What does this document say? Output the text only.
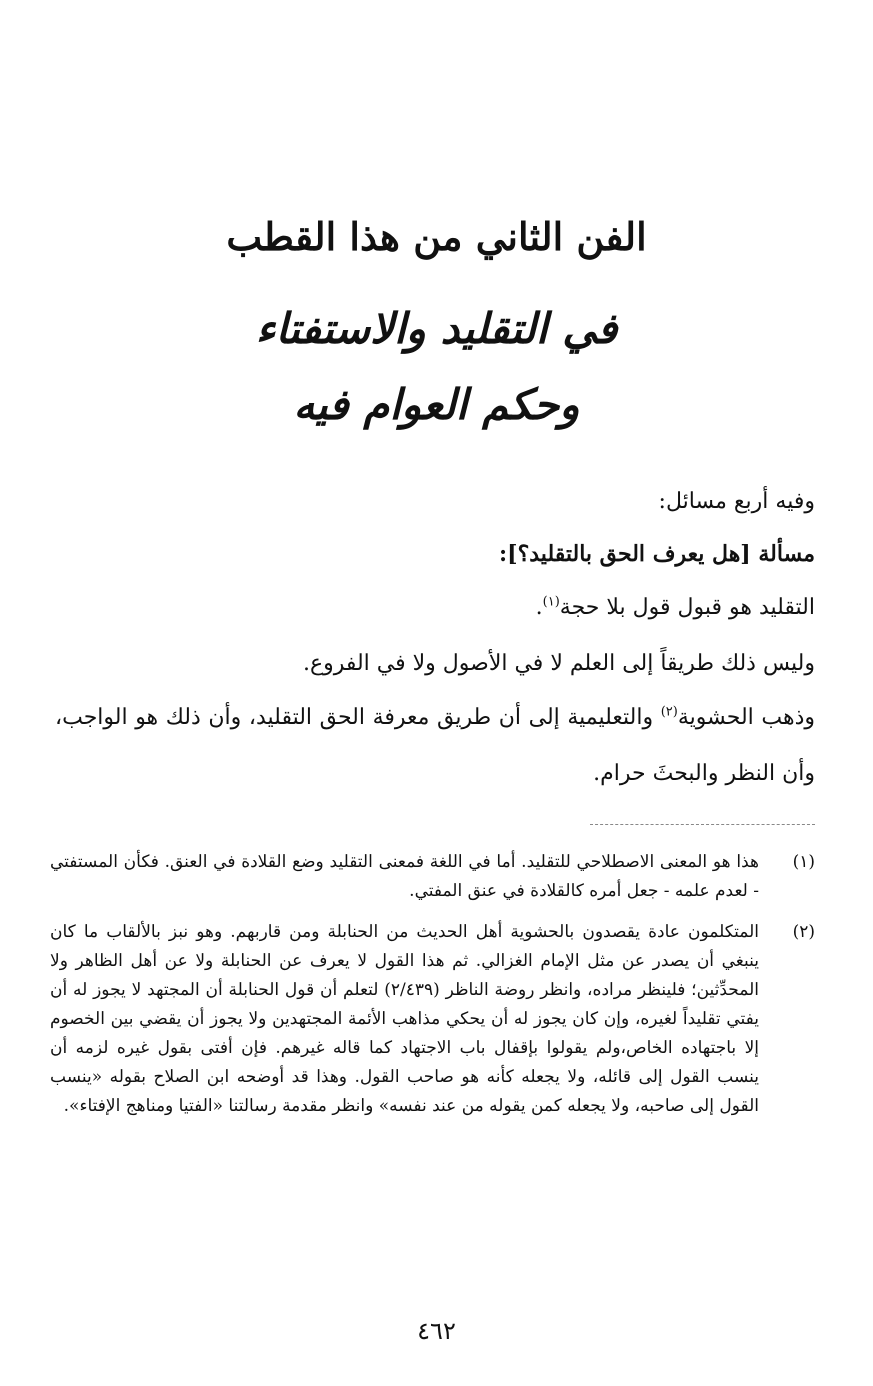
الفن الثاني من هذا القطب
في التقليد والاستفتاء
وحكم العوام فيه
وفيه أربع مسائل:
مسألة [هل يعرف الحق بالتقليد؟]:
التقليد هو قبول قول بلا حجة$^{(١)}$.
وليس ذلك طريقاً إلى العلم لا في الأصول ولا في الفروع.
وذهب الحشوية$^{(٢)}$ والتعليمية إلى أن طريق معرفة الحق التقليد، وأن ذلك هو الواجب، وأن النظر والبحثَ حرام.
(١)
هذا هو المعنى الاصطلاحي للتقليد. أما في اللغة فمعنى التقليد وضع القلادة في العنق. فكأن المستفتي - لعدم علمه - جعل أمره كالقلادة في عنق المفتي.
(٢)
المتكلمون عادة يقصدون بالحشوية أهل الحديث من الحنابلة ومن قاربهم. وهو نبز بالألقاب ما كان ينبغي أن يصدر عن مثل الإمام الغزالي. ثم هذا القول لا يعرف عن الحنابلة ولا عن أهل الظاهر ولا المحدِّثين؛ فلينظر مراده، وانظر روضة الناظر (٢/٤٣٩) لتعلم أن قول الحنابلة أن المجتهد لا يجوز له أن يفتي تقليداً لغيره، وإن كان يجوز له أن يحكي مذاهب الأئمة المجتهدين ولا يجوز أن يقضي بين الخصوم إلا باجتهاده الخاص،ولم يقولوا بإقفال باب الاجتهاد كما قاله غيرهم. فإن أفتى بقول غيره لزمه أن ينسب القول إلى قائله، ولا يجعله كأنه هو صاحب القول. وهذا قد أوضحه ابن الصلاح بقوله «ينسب القول إلى صاحبه، ولا يجعله كمن يقوله من عند نفسه» وانظر مقدمة رسالتنا «الفتيا ومناهج الإفتاء».
٤٦٢
